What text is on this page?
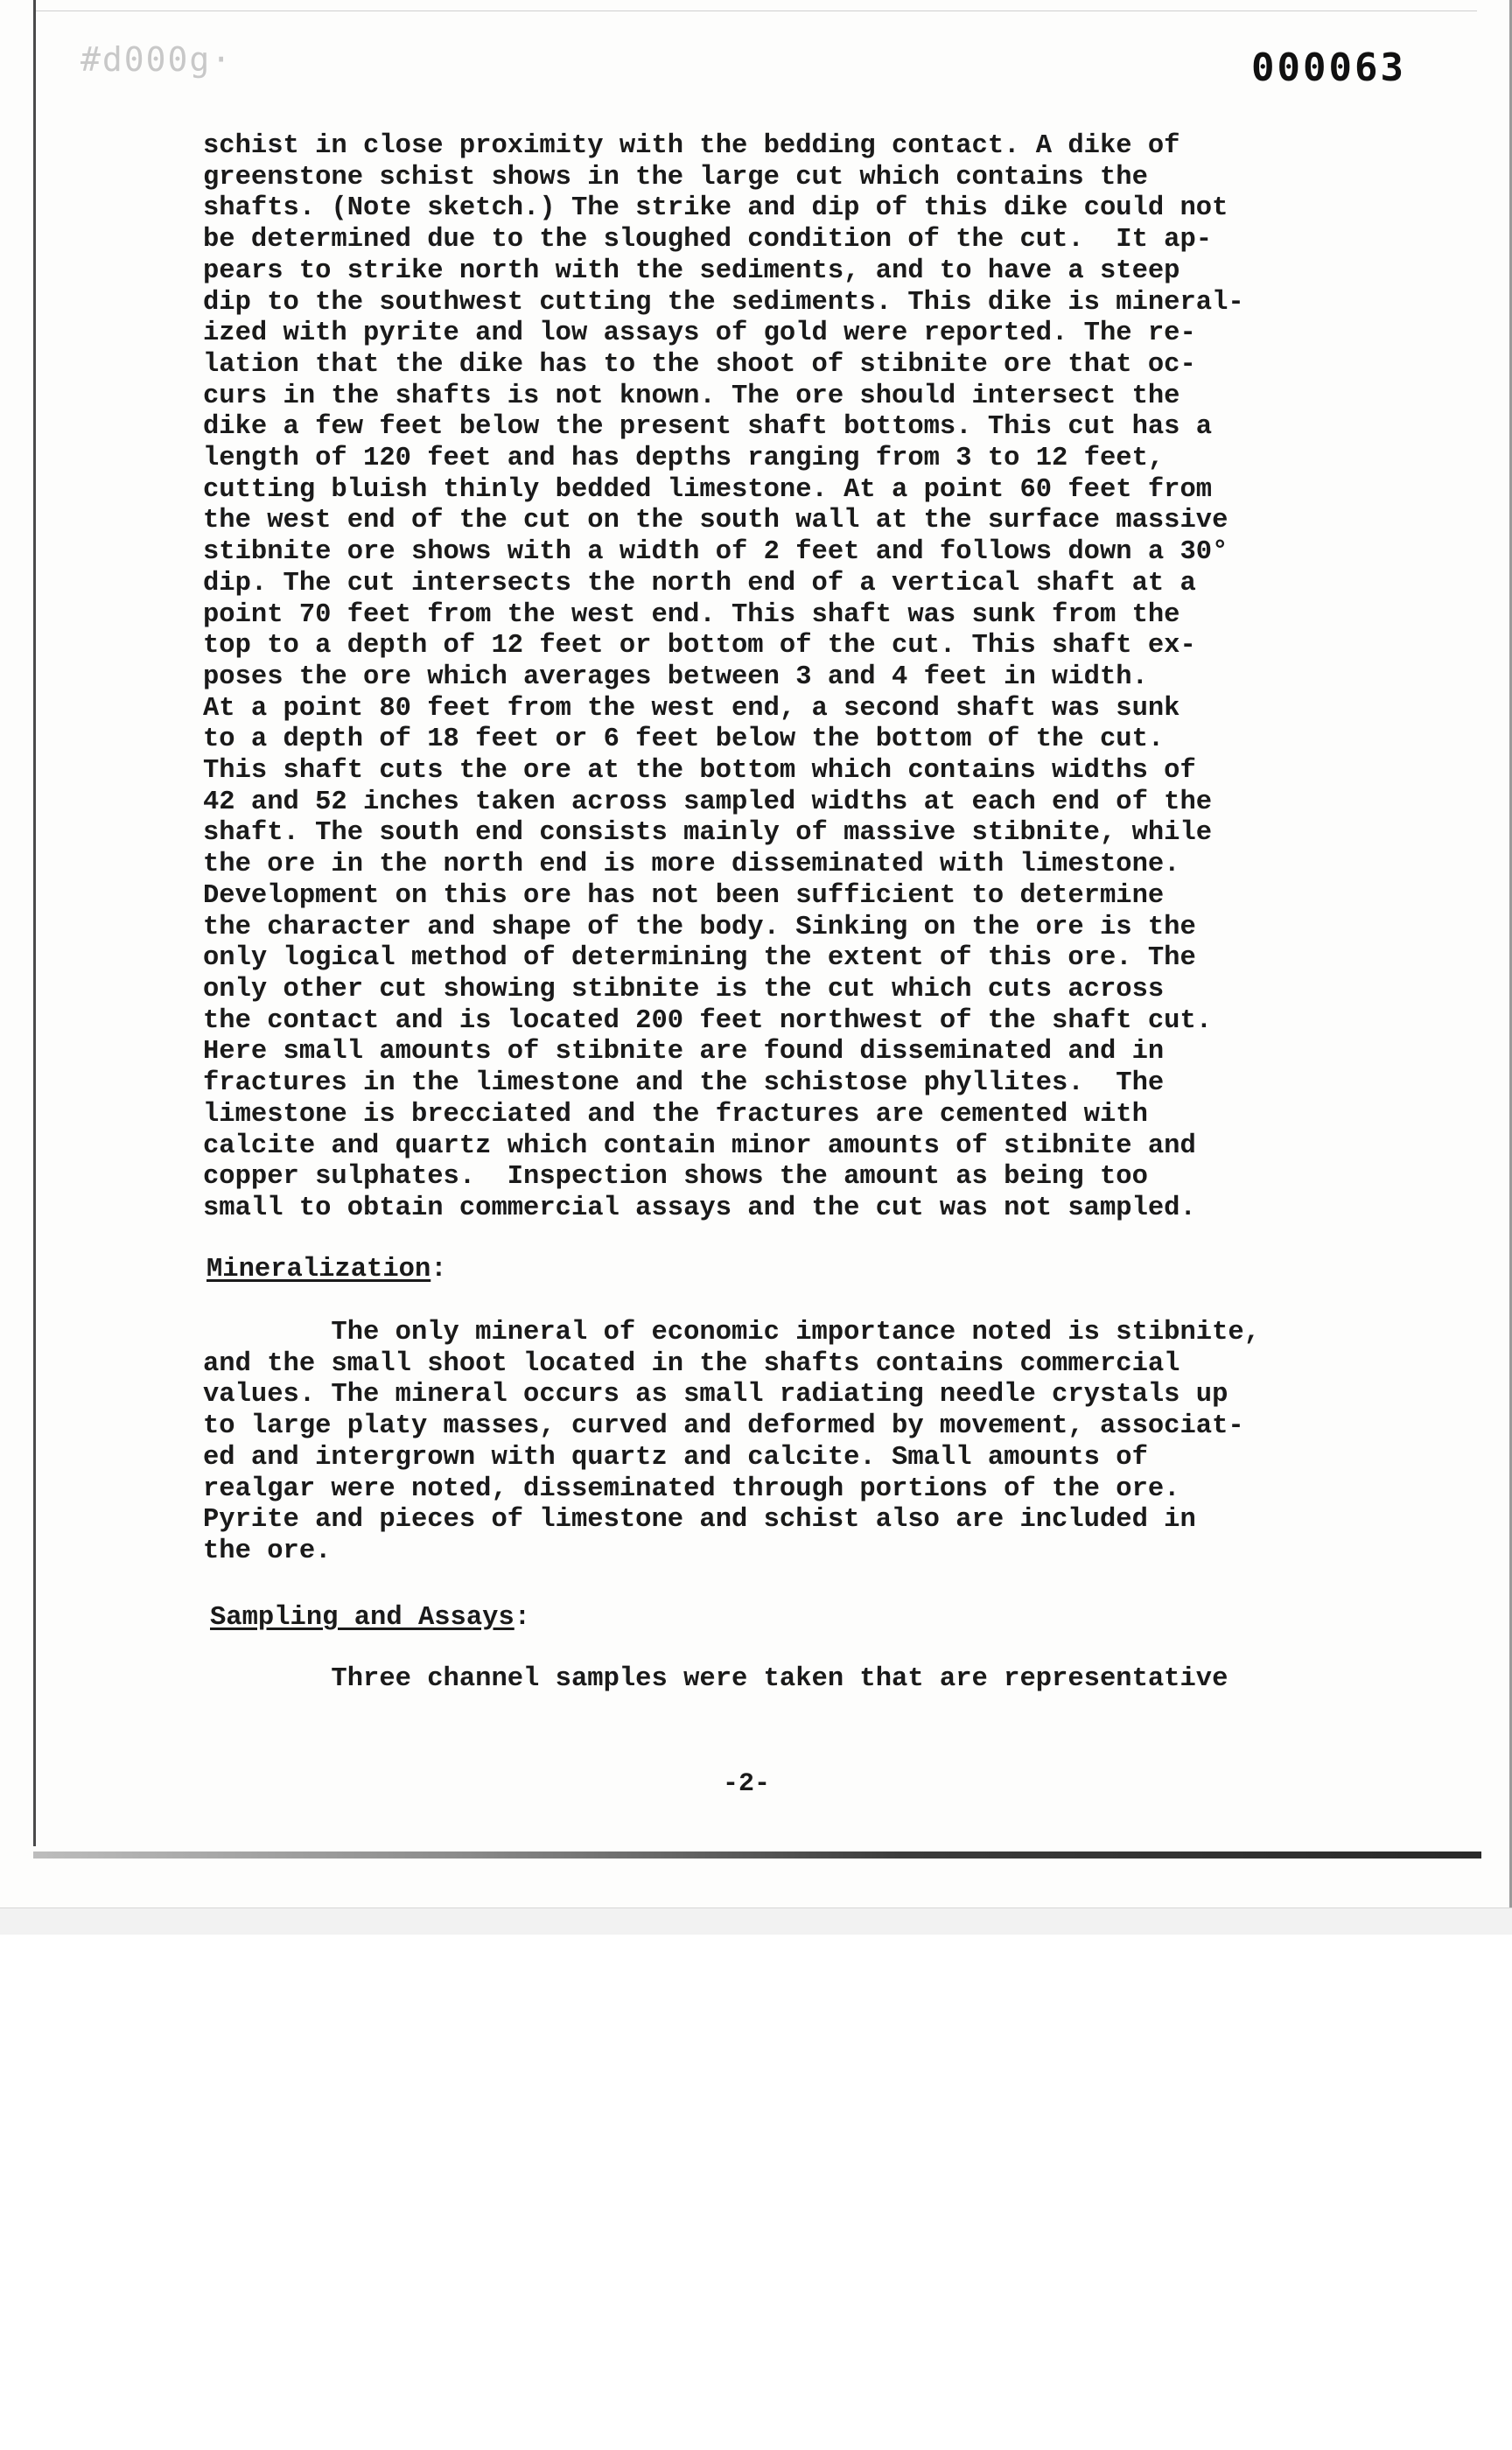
#d000g·	000063

schist in close proximity with the bedding contact. A dike of
greenstone schist shows in the large cut which contains the
shafts. (Note sketch.) The strike and dip of this dike could not
be determined due to the sloughed condition of the cut.  It ap-
pears to strike north with the sediments, and to have a steep
dip to the southwest cutting the sediments. This dike is mineral-
ized with pyrite and low assays of gold were reported. The re-
lation that the dike has to the shoot of stibnite ore that oc-
curs in the shafts is not known. The ore should intersect the
dike a few feet below the present shaft bottoms. This cut has a
length of 120 feet and has depths ranging from 3 to 12 feet,
cutting bluish thinly bedded limestone. At a point 60 feet from
the west end of the cut on the south wall at the surface massive
stibnite ore shows with a width of 2 feet and follows down a 30°
dip. The cut intersects the north end of a vertical shaft at a
point 70 feet from the west end. This shaft was sunk from the
top to a depth of 12 feet or bottom of the cut. This shaft ex-
poses the ore which averages between 3 and 4 feet in width.
At a point 80 feet from the west end, a second shaft was sunk
to a depth of 18 feet or 6 feet below the bottom of the cut.
This shaft cuts the ore at the bottom which contains widths of
42 and 52 inches taken across sampled widths at each end of the
shaft. The south end consists mainly of massive stibnite, while
the ore in the north end is more disseminated with limestone.
Development on this ore has not been sufficient to determine
the character and shape of the body. Sinking on the ore is the
only logical method of determining the extent of this ore. The
only other cut showing stibnite is the cut which cuts across
the contact and is located 200 feet northwest of the shaft cut.
Here small amounts of stibnite are found disseminated and in
fractures in the limestone and the schistose phyllites.  The
limestone is brecciated and the fractures are cemented with
calcite and quartz which contain minor amounts of stibnite and
copper sulphates.  Inspection shows the amount as being too
small to obtain commercial assays and the cut was not sampled.

Mineralization:

The only mineral of economic importance noted is stibnite,
and the small shoot located in the shafts contains commercial
values. The mineral occurs as small radiating needle crystals up
to large platy masses, curved and deformed by movement, associat-
ed and intergrown with quartz and calcite. Small amounts of
realgar were noted, disseminated through portions of the ore.
Pyrite and pieces of limestone and schist also are included in
the ore.

Sampling and Assays:

Three channel samples were taken that are representative

-2-
